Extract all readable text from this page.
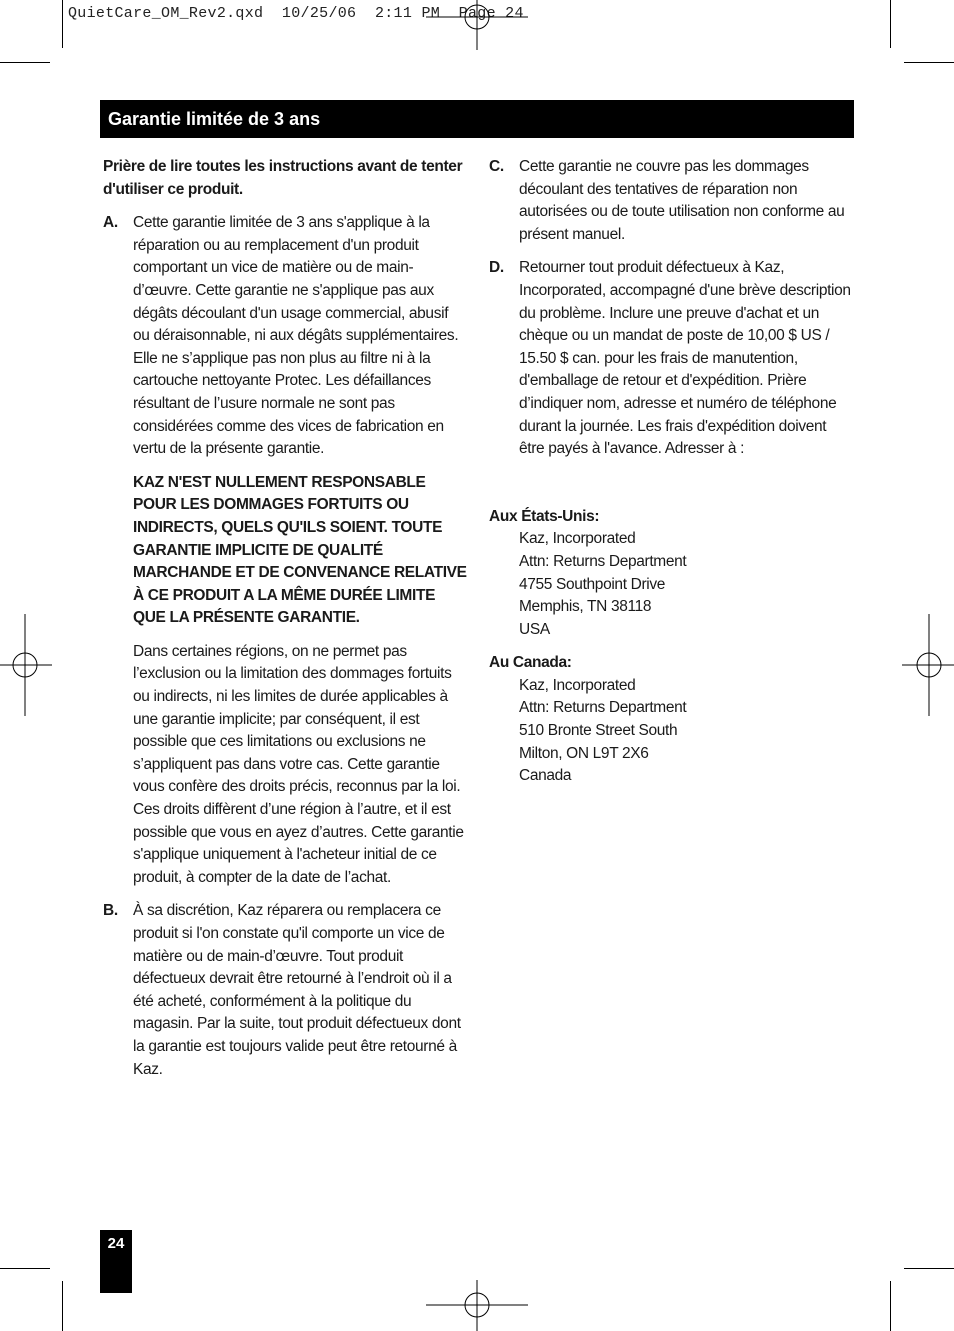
QuietCare_OM_Rev2.qxd  10/25/06  2:11 PM  Page 24
Garantie limitée de 3 ans

Prière de lire toutes les instructions avant de tenter d'utiliser ce produit.

A. Cette garantie limitée de 3 ans s'applique à la réparation ou au remplacement d'un produit comportant un vice de matière ou de main-d’œuvre. Cette garantie ne s'applique pas aux dégâts découlant d'un usage commercial, abusif ou déraisonnable, ni aux dégâts supplémentaires. Elle ne s’applique pas non plus au filtre ni à la cartouche nettoyante Protec. Les défaillances résultant de l’usure normale ne sont pas considérées comme des vices de fabrication en vertu de la présente garantie.

KAZ N'EST NULLEMENT RESPONSABLE POUR LES DOMMAGES FORTUITS OU INDIRECTS, QUELS QU'ILS SOIENT. TOUTE GARANTIE IMPLICITE DE QUALITÉ MARCHANDE ET DE CONVENANCE RELATIVE À CE PRODUIT A LA MÊME DURÉE LIMITE QUE LA PRÉSENTE GARANTIE.

Dans certaines régions, on ne permet pas l’exclusion ou la limitation des dommages fortuits ou indirects, ni les limites de durée applicables à une garantie implicite; par conséquent, il est possible que ces limitations ou exclusions ne s’appliquent pas dans votre cas. Cette garantie vous confère des droits précis, reconnus par la loi. Ces droits diffèrent d’une région à l’autre, et il est possible que vous en ayez d’autres. Cette garantie s'applique uniquement à l'acheteur initial de ce produit, à compter de la date de l’achat.

B. À sa discrétion, Kaz réparera ou remplacera ce produit si l'on constate qu'il comporte un vice de matière ou de main-d’œuvre. Tout produit défectueux devrait être retourné à l’endroit où il a été acheté, conformément à la politique du magasin. Par la suite, tout produit défectueux dont la garantie est toujours valide peut être retourné à Kaz.
C. Cette garantie ne couvre pas les dommages découlant des tentatives de réparation non autorisées ou de toute utilisation non conforme au présent manuel.
D. Retourner tout produit défectueux à Kaz, Incorporated, accompagné d'une brève description du problème. Inclure une preuve d'achat et un chèque ou un mandat de poste de 10,00 $ US / 15.50 $ can. pour les frais de manutention, d'emballage de retour et d'expédition. Prière d’indiquer nom, adresse et numéro de téléphone durant la journée. Les frais d'expédition doivent être payés à l'avance. Adresser à :
Aux États-Unis:
Kaz, Incorporated
Attn: Returns Department
4755 Southpoint Drive
Memphis, TN 38118
USA
Au Canada:
Kaz, Incorporated
Attn: Returns Department
510 Bronte Street South
Milton, ON L9T 2X6
Canada
24
